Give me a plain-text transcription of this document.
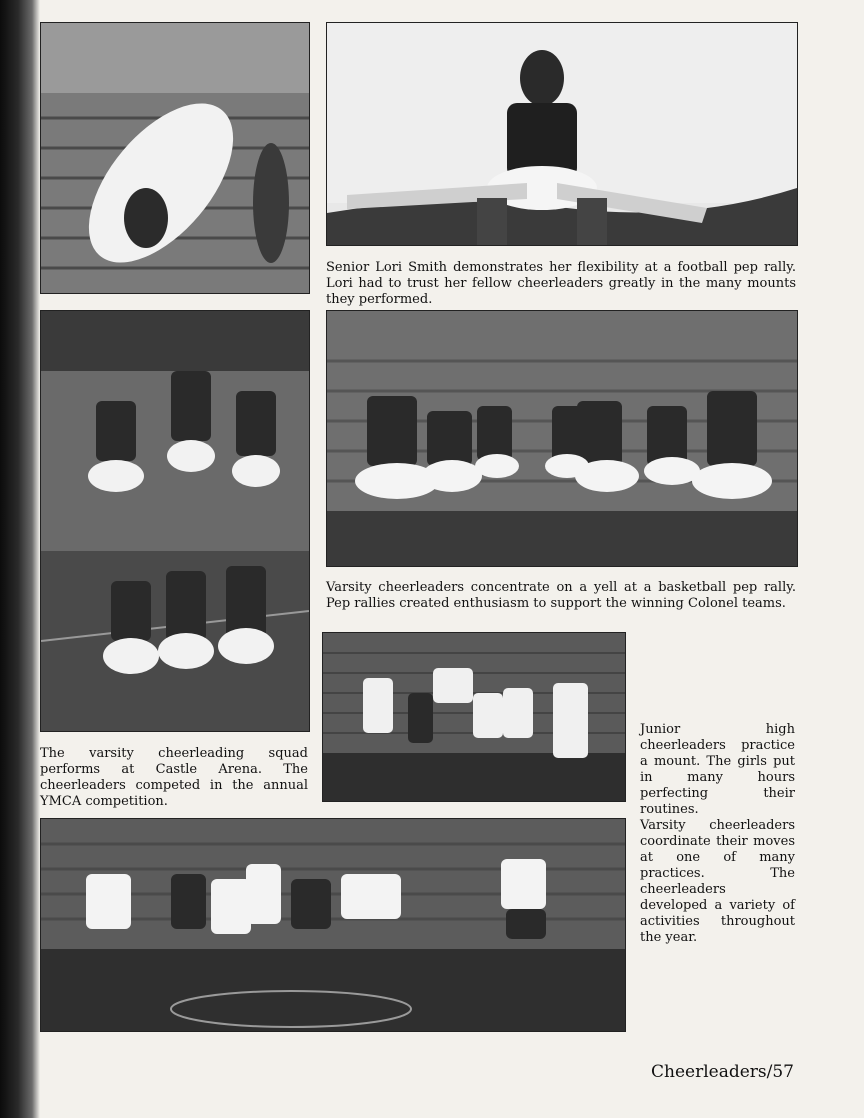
Senior Lori Smith demonstrates her flexibility at a football pep rally. Lori had to trust her fellow cheerleaders greatly in the many mounts they performed.
Varsity cheerleaders concentrate on a yell at a basketball pep rally. Pep rallies created enthusiasm to support the winning Colonel teams.
The varsity cheerleading squad performs at Castle Arena. The cheerleaders competed in the annual YMCA competition.
Junior high cheerleaders practice a mount. The girls put in many hours perfecting their routines.
Varsity cheerleaders coordinate their moves at one of many practices. The cheerleaders developed a variety of activities throughout the year.
Cheerleaders/57
